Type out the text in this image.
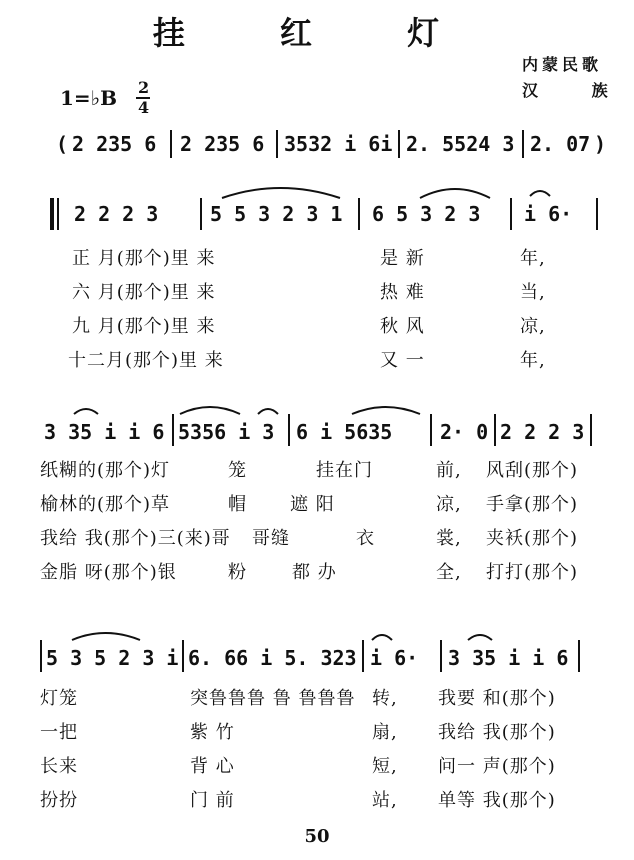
挂 红 灯
内蒙民歌
汉 族
1=♭B 2
4
( 2 235 6 2 235 6 3532 i 6i 2. 5524 3 2. 07 )
2 2 2 3	5 5 3 2 3 1 6 5 3 2 3 i 6·
正 月(那个)里 来	是 新	年,
六 月(那个)里 来	热 难	当,
九 月(那个)里 来	秋 风	凉,
十二月(那个)里 来	又 一	年,
3 35 i i 6 5356 i 3 6 i 5635 2· 0 2 2 2 3
纸糊的(那个)灯	笼	挂在门	前, 风刮(那个)
榆林的(那个)草	帽 遮 阳	凉, 手拿(那个)
我给 我(那个)三(来)哥 哥缝	衣	裳, 夹袄(那个)
金脂 呀(那个)银	粉	都 办	全, 打打(那个)
5 3 5 2 3 i 6. 66 i 5. 323 i 6· 3 35 i i 6
灯笼	突鲁鲁鲁 鲁 鲁鲁鲁 转, 我要 和(那个)
一把	紫 竹	扇, 我给 我(那个)
长来	背 心	短, 问一 声(那个)
扮扮	门 前	站, 单等 我(那个)
50
